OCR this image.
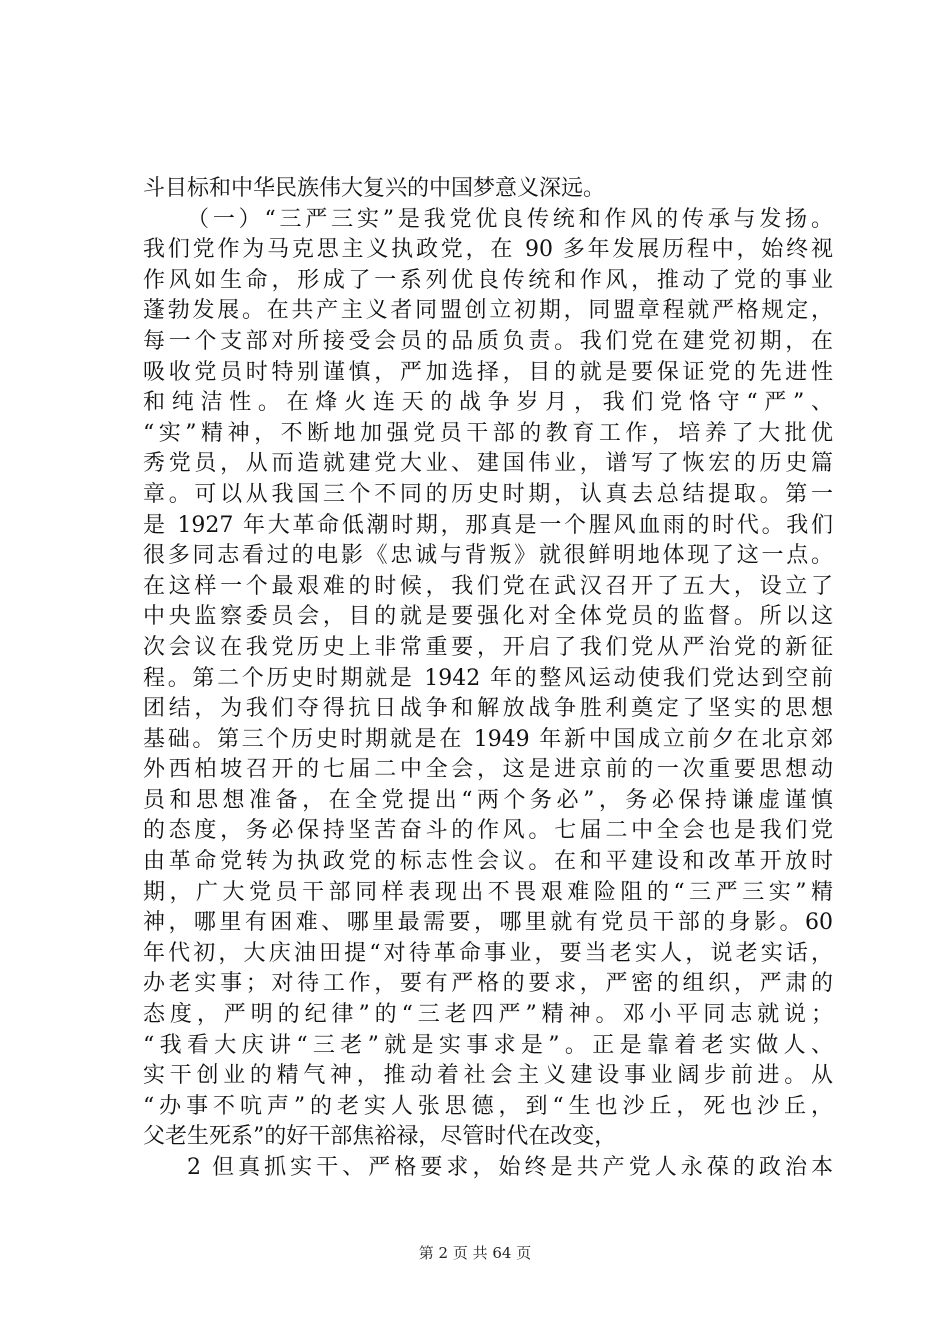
斗目标和中华民族伟大复兴的中国梦意义深远。
（一）“三严三实”是我党优良传统和作风的传承与发扬。
我们党作为马克思主义执政党，在 90 多年发展历程中，始终视
作风如生命，形成了一系列优良传统和作风，推动了党的事业
蓬勃发展。在共产主义者同盟创立初期，同盟章程就严格规定，
每一个支部对所接受会员的品质负责。我们党在建党初期，在
吸收党员时特别谨慎，严加选择，目的就是要保证党的先进性
和纯洁性。在烽火连天的战争岁月，我们党恪守“严”、
“实”精神，不断地加强党员干部的教育工作，培养了大批优
秀党员，从而造就建党大业、建国伟业，谱写了恢宏的历史篇
章。可以从我国三个不同的历史时期，认真去总结提取。第一
是 1927 年大革命低潮时期，那真是一个腥风血雨的时代。我们
很多同志看过的电影《忠诚与背叛》就很鲜明地体现了这一点。
在这样一个最艰难的时候，我们党在武汉召开了五大，设立了
中央监察委员会，目的就是要强化对全体党员的监督。所以这
次会议在我党历史上非常重要，开启了我们党从严治党的新征
程。第二个历史时期就是 1942 年的整风运动使我们党达到空前
团结，为我们夺得抗日战争和解放战争胜利奠定了坚实的思想
基础。第三个历史时期就是在 1949 年新中国成立前夕在北京郊
外西柏坡召开的七届二中全会，这是进京前的一次重要思想动
员和思想准备，在全党提出“两个务必”，务必保持谦虚谨慎
的态度，务必保持坚苦奋斗的作风。七届二中全会也是我们党
由革命党转为执政党的标志性会议。在和平建设和改革开放时
期，广大党员干部同样表现出不畏艰难险阻的“三严三实”精
神，哪里有困难、哪里最需要，哪里就有党员干部的身影。60
年代初，大庆油田提“对待革命事业，要当老实人，说老实话，
办老实事；对待工作，要有严格的要求，严密的组织，严肃的
态度，严明的纪律”的“三老四严”精神。邓小平同志就说；
“我看大庆讲“三老”就是实事求是”。正是靠着老实做人、
实干创业的精气神，推动着社会主义建设事业阔步前进。从
“办事不吭声”的老实人张思德，到“生也沙丘，死也沙丘，
父老生死系”的好干部焦裕禄，尽管时代在改变，
2 但真抓实干、严格要求，始终是共产党人永葆的政治本
第 2 页 共 64 页
